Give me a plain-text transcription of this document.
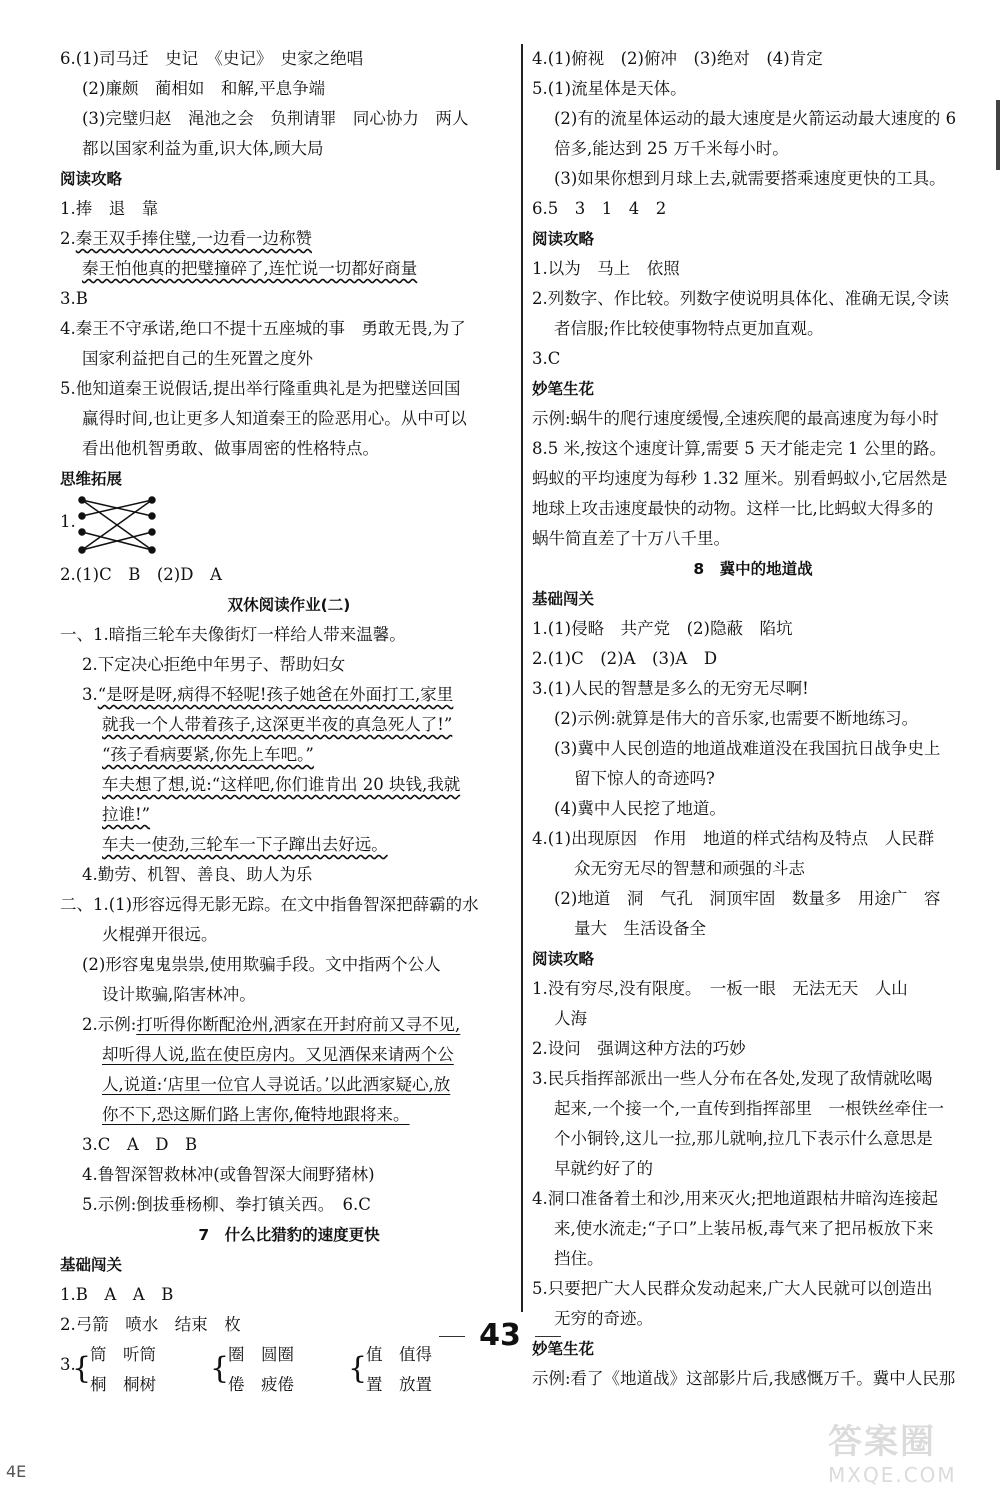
6.(1)司马迁　史记　《史记》　史家之绝唱
(2)廉颇　蔺相如　和解,平息争端
(3)完璧归赵　渑池之会　负荆请罪　同心协力　两人
都以国家利益为重,识大体,顾大局
阅读攻略
1.捧　退　靠
2.秦王双手捧住璧,一边看一边称赞
秦王怕他真的把璧撞碎了,连忙说一切都好商量
3.B
4.秦王不守承诺,绝口不提十五座城的事　勇敢无畏,为了
国家利益把自己的生死置之度外
5.他知道秦王说假话,提出举行隆重典礼是为把璧送回国
赢得时间,也让更多人知道秦王的险恶用心。从中可以
看出他机智勇敢、做事周密的性格特点。
思维拓展
1.
2.(1)C　B　(2)D　A
双休阅读作业(二)
一、1.暗指三轮车夫像街灯一样给人带来温馨。
2.下定决心拒绝中年男子、帮助妇女
3.“是呀是呀,病得不轻呢!孩子她爸在外面打工,家里
就我一个人带着孩子,这深更半夜的真急死人了!”
“孩子看病要紧,你先上车吧。”
车夫想了想,说:“这样吧,你们谁肯出 20 块钱,我就
拉谁!”
车夫一使劲,三轮车一下子蹿出去好远。
4.勤劳、机智、善良、助人为乐
二、1.(1)形容远得无影无踪。在文中指鲁智深把薛霸的水
火棍弹开很远。
(2)形容鬼鬼祟祟,使用欺骗手段。文中指两个公人
设计欺骗,陷害林冲。
2.示例:打听得你断配沧州,洒家在开封府前又寻不见,
却听得人说,监在使臣房内。又见酒保来请两个公
人,说道:‘店里一位官人寻说话。’以此洒家疑心,放
你不下,恐这厮们路上害你,俺特地跟将来。
3.C　A　D　B
4.鲁智深智救林冲(或鲁智深大闹野猪林)
5.示例:倒拔垂杨柳、拳打镇关西。　6.C
7　什么比猎豹的速度更快
基础闯关
1.B　A　A　B
2.弓箭　喷水　结束　枚
3.
{
筒　听筒
桐　桐树 {
圈　圆圈
倦　疲倦 {
值　值得
置　放置
4.(1)俯视　(2)俯冲　(3)绝对　(4)肯定
5.(1)流星体是天体。
(2)有的流星体运动的最大速度是火箭运动最大速度的 6
倍多,能达到 25 万千米每小时。
(3)如果你想到月球上去,就需要搭乘速度更快的工具。
6.5　3　1　4　2
阅读攻略
1.以为　马上　依照
2.列数字、作比较。列数字使说明具体化、准确无误,令读
者信服;作比较使事物特点更加直观。
3.C
妙笔生花
示例:蜗牛的爬行速度缓慢,全速疾爬的最高速度为每小时
8.5 米,按这个速度计算,需要 5 天才能走完 1 公里的路。
蚂蚁的平均速度为每秒 1.32 厘米。别看蚂蚁小,它居然是
地球上攻击速度最快的动物。这样一比,比蚂蚁大得多的
蜗牛简直差了十万八千里。
8　冀中的地道战
基础闯关
1.(1)侵略　共产党　(2)隐蔽　陷坑
2.(1)C　(2)A　(3)A　D
3.(1)人民的智慧是多么的无穷无尽啊!
(2)示例:就算是伟大的音乐家,也需要不断地练习。
(3)冀中人民创造的地道战难道没在我国抗日战争史上
留下惊人的奇迹吗?
(4)冀中人民挖了地道。
4.(1)出现原因　作用　地道的样式结构及特点　人民群
众无穷无尽的智慧和顽强的斗志
(2)地道　洞　气孔　洞顶牢固　数量多　用途广　容
量大　生活设备全
阅读攻略
1.没有穷尽,没有限度。　一板一眼　无法无天　人山
人海
2.设问　强调这种方法的巧妙
3.民兵指挥部派出一些人分布在各处,发现了敌情就吆喝
起来,一个接一个,一直传到指挥部里　一根铁丝牵住一
个小铜铃,这儿一拉,那儿就响,拉几下表示什么意思是
早就约好了的
4.洞口准备着土和沙,用来灭火;把地道跟枯井暗沟连接起
来,使水流走;“子口”上装吊板,毒气来了把吊板放下来
挡住。
5.只要把广大人民群众发动起来,广大人民就可以创造出
无穷的奇迹。
妙笔生花
示例:看了《地道战》这部影片后,我感慨万千。冀中人民那
43
4E
答案圈
MXQE.COM
